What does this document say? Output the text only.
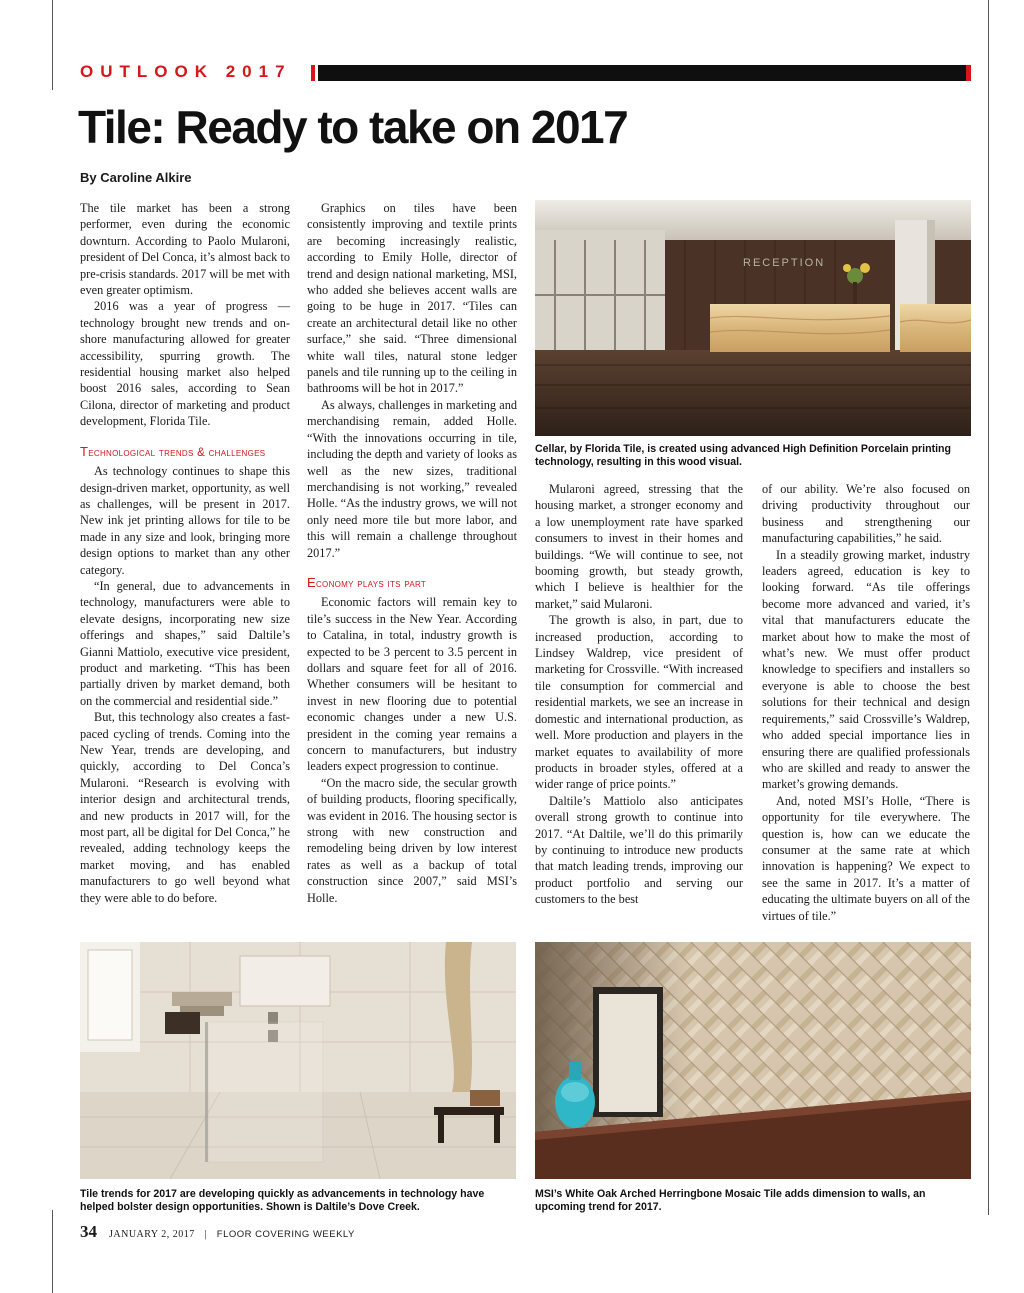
OUTLOOK 2017
Tile: Ready to take on 2017
By Caroline Alkire

The tile market has been a strong performer, even during the economic downturn. According to Paolo Mularoni, president of Del Conca, it’s almost back to pre-crisis standards. 2017 will be met with even greater optimism.

2016 was a year of progress — technology brought new trends and on-shore manufacturing allowed for greater accessibility, spurring growth. The residential housing market also helped boost 2016 sales, according to Sean Cilona, director of marketing and product development, Florida Tile.

Technological trends & challenges

As technology continues to shape this design-driven market, opportunity, as well as challenges, will be present in 2017. New ink jet printing allows for tile to be made in any size and look, bringing more design options to market than any other category.

“In general, due to advancements in technology, manufacturers were able to elevate designs, incorporating new size offerings and shapes,” said Daltile’s Gianni Mattiolo, executive vice president, product and marketing. “This has been partially driven by market demand, both on the commercial and residential side.”

But, this technology also creates a fast-paced cycling of trends. Coming into the New Year, trends are developing, and quickly, according to Del Conca’s Mularoni. “Research is evolving with interior design and architectural trends, and new products in 2017 will, for the most part, all be digital for Del Conca,” he revealed, adding technology keeps the market moving, and has enabled manufacturers to go well beyond what they were able to do before.

Graphics on tiles have been consistently improving and textile prints are becoming increasingly realistic, according to Emily Holle, director of trend and design national marketing, MSI, who added she believes accent walls are going to be huge in 2017. “Tiles can create an architectural detail like no other surface,” she said. “Three dimensional white wall tiles, natural stone ledger panels and tile running up to the ceiling in bathrooms will be hot in 2017.”

As always, challenges in marketing and merchandising remain, added Holle. “With the innovations occurring in tile, including the depth and variety of looks as well as the new sizes, traditional merchandising is not working,” revealed Holle. “As the industry grows, we will not only need more tile but more labor, and this will remain a challenge throughout 2017.”

Economy plays its part

Economic factors will remain key to tile’s success in the New Year. According to Catalina, in total, industry growth is expected to be 3 percent to 3.5 percent in dollars and square feet for all of 2016. Whether consumers will be hesitant to invest in new flooring due to potential economic changes under a new U.S. president in the coming year remains a concern to manufacturers, but industry leaders expect progression to continue.

“On the macro side, the secular growth of building products, flooring specifically, was evident in 2016. The housing sector is strong with new construction and remodeling being driven by low interest rates as well as a backup of total construction since 2007,” said MSI’s Holle.

RECEPTION
Cellar, by Florida Tile, is created using advanced High Definition Porcelain printing technology, resulting in this wood visual.

Mularoni agreed, stressing that the housing market, a stronger economy and a low unemployment rate have sparked consumers to invest in their homes and buildings. “We will continue to see, not booming growth, but steady growth, which I believe is healthier for the market,” said Mularoni.

The growth is also, in part, due to increased production, according to Lindsey Waldrep, vice president of marketing for Crossville. “With increased tile consumption for commercial and residential markets, we see an increase in domestic and international production, as well. More production and players in the market equates to availability of more products in broader styles, offered at a wider range of price points.”

Daltile’s Mattiolo also anticipates overall strong growth to continue into 2017. “At Daltile, we’ll do this primarily by continuing to introduce new products that match leading trends, improving our product portfolio and serving our customers to the best

of our ability. We’re also focused on driving productivity throughout our business and strengthening our manufacturing capabilities,” he said.

In a steadily growing market, industry leaders agreed, education is key to looking forward. “As tile offerings become more advanced and varied, it’s vital that manufacturers educate the market about how to make the most of what’s new. We must offer product knowledge to specifiers and installers so everyone is able to choose the best solutions for their technical and design requirements,” said Crossville’s Waldrep, who added special importance lies in ensuring there are qualified professionals who are skilled and ready to answer the market’s growing demands.

And, noted MSI’s Holle, “There is opportunity for tile everywhere. The question is, how can we educate the consumer at the same rate at which innovation is happening? We expect to see the same in 2017. It’s a matter of educating the ultimate buyers on all of the virtues of tile.”

Tile trends for 2017 are developing quickly as advancements in technology have helped bolster design opportunities. Shown is Daltile’s Dove Creek.
MSI’s White Oak Arched Herringbone Mosaic Tile adds dimension to walls, an upcoming trend for 2017.
34 JANUARY 2, 2017 | FLOOR COVERING WEEKLY
